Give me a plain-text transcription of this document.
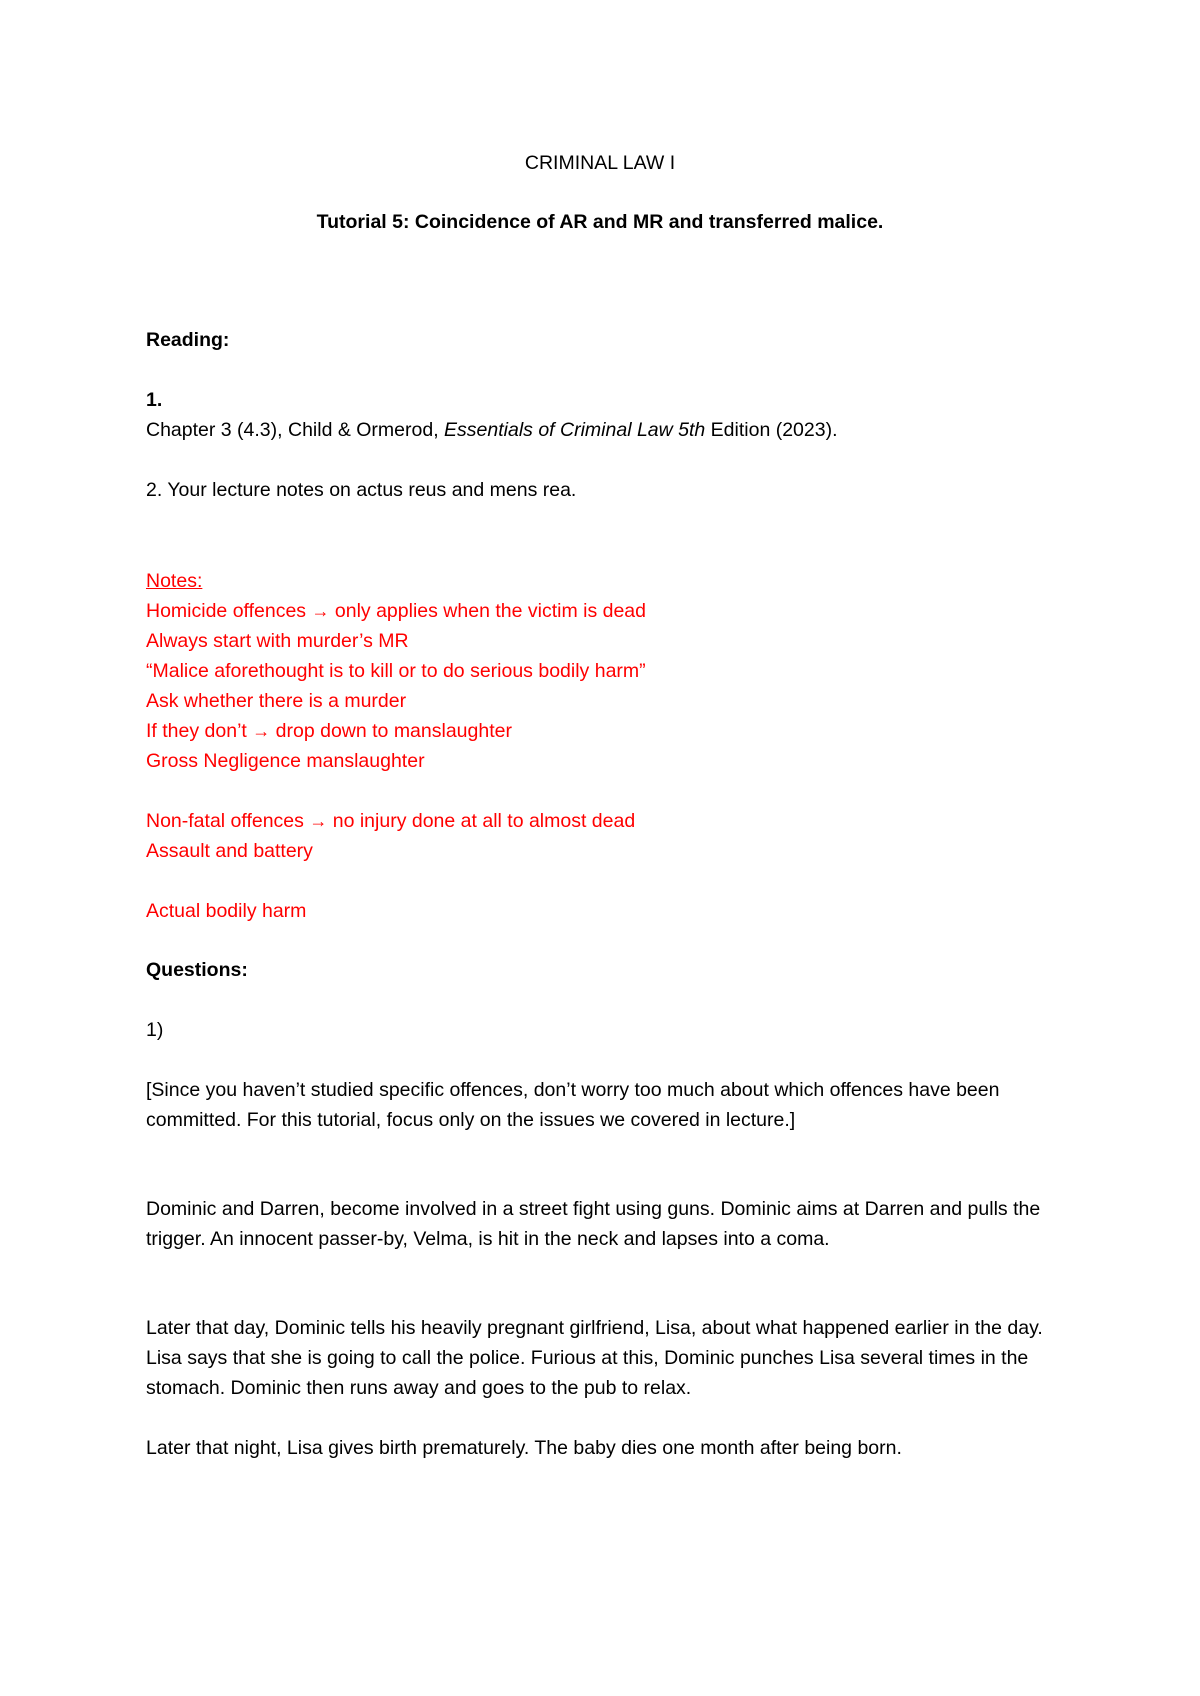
CRIMINAL LAW I

Tutorial 5: Coincidence of AR and MR and transferred malice.

Reading:

1.

Chapter 3 (4.3), Child & Ormerod, Essentials of Criminal Law 5th Edition (2023).

2. Your lecture notes on actus reus and mens rea.

Notes:

Homicide offences → only applies when the victim is dead

Always start with murder’s MR

“Malice aforethought is to kill or to do serious bodily harm”

Ask whether there is a murder

If they don’t → drop down to manslaughter

Gross Negligence manslaughter

Non-fatal offences → no injury done at all to almost dead

Assault and battery

Actual bodily harm

Questions:

1)

[Since you haven’t studied specific offences, don’t worry too much about which offences have been committed. For this tutorial, focus only on the issues we covered in lecture.]

Dominic and Darren, become involved in a street fight using guns. Dominic aims at Darren and pulls the trigger. An innocent passer-by, Velma, is hit in the neck and lapses into a coma.

Later that day, Dominic tells his heavily pregnant girlfriend, Lisa, about what happened earlier in the day. Lisa says that she is going to call the police. Furious at this, Dominic punches Lisa several times in the stomach. Dominic then runs away and goes to the pub to relax.

Later that night, Lisa gives birth prematurely. The baby dies one month after being born.
